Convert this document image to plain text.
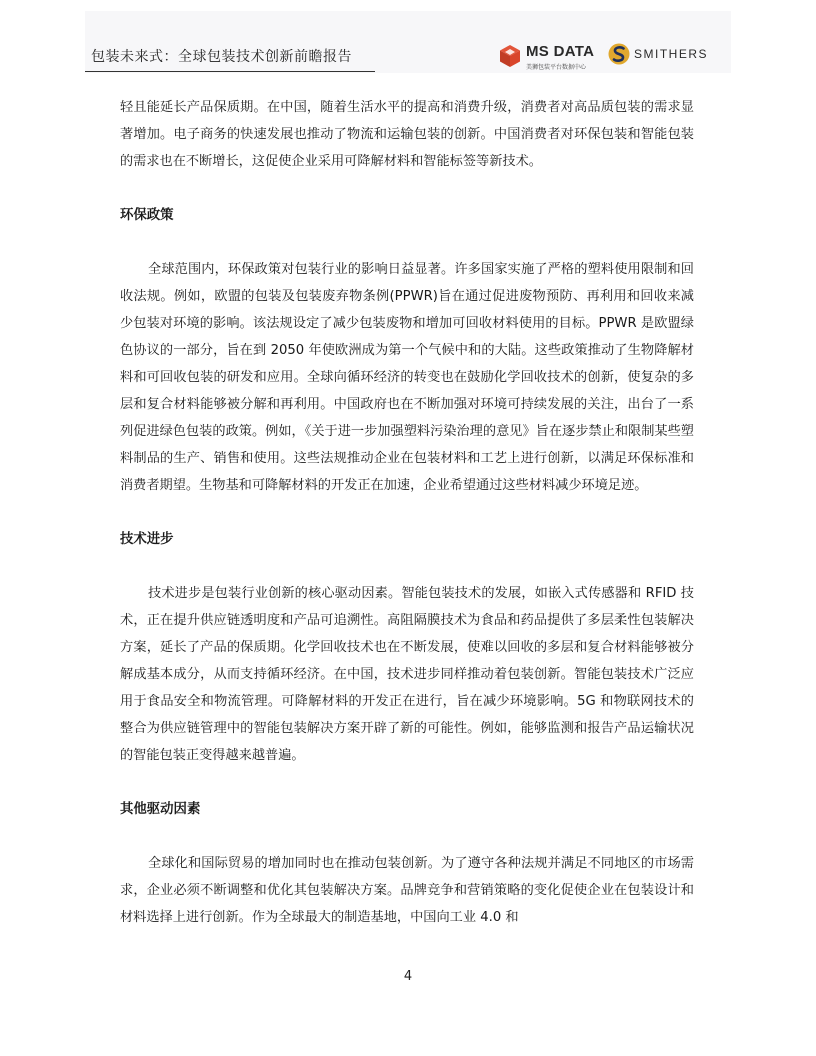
包装未来式：全球包装技术创新前瞻报告	MS DATA
美狮包装平台数据中心
SMITHERS

轻且能延长产品保质期。在中国，随着生活水平的提高和消费升级，消费者对高品质包装的需求显著增加。电子商务的快速发展也推动了物流和运输包装的创新。中国消费者对环保包装和智能包装的需求也在不断增长，这促使企业采用可降解材料和智能标签等新技术。

环保政策

全球范围内，环保政策对包装行业的影响日益显著。许多国家实施了严格的塑料使用限制和回收法规。例如，欧盟的包装及包装废弃物条例(PPWR)旨在通过促进废物预防、再利用和回收来减少包装对环境的影响。该法规设定了减少包装废物和增加可回收材料使用的目标。PPWR 是欧盟绿色协议的一部分，旨在到 2050 年使欧洲成为第一个气候中和的大陆。这些政策推动了生物降解材料和可回收包装的研发和应用。全球向循环经济的转变也在鼓励化学回收技术的创新，使复杂的多层和复合材料能够被分解和再利用。中国政府也在不断加强对环境可持续发展的关注，出台了一系列促进绿色包装的政策。例如，《关于进一步加强塑料污染治理的意见》旨在逐步禁止和限制某些塑料制品的生产、销售和使用。这些法规推动企业在包装材料和工艺上进行创新，以满足环保标准和消费者期望。生物基和可降解材料的开发正在加速，企业希望通过这些材料减少环境足迹。

技术进步

技术进步是包装行业创新的核心驱动因素。智能包装技术的发展，如嵌入式传感器和 RFID 技术，正在提升供应链透明度和产品可追溯性。高阻隔膜技术为食品和药品提供了多层柔性包装解决方案，延长了产品的保质期。化学回收技术也在不断发展，使难以回收的多层和复合材料能够被分解成基本成分，从而支持循环经济。在中国，技术进步同样推动着包装创新。智能包装技术广泛应用于食品安全和物流管理。可降解材料的开发正在进行，旨在减少环境影响。5G 和物联网技术的整合为供应链管理中的智能包装解决方案开辟了新的可能性。例如，能够监测和报告产品运输状况的智能包装正变得越来越普遍。

其他驱动因素

全球化和国际贸易的增加同时也在推动包装创新。为了遵守各种法规并满足不同地区的市场需求，企业必须不断调整和优化其包装解决方案。品牌竞争和营销策略的变化促使企业在包装设计和材料选择上进行创新。作为全球最大的制造基地，中国向工业 4.0 和

4
